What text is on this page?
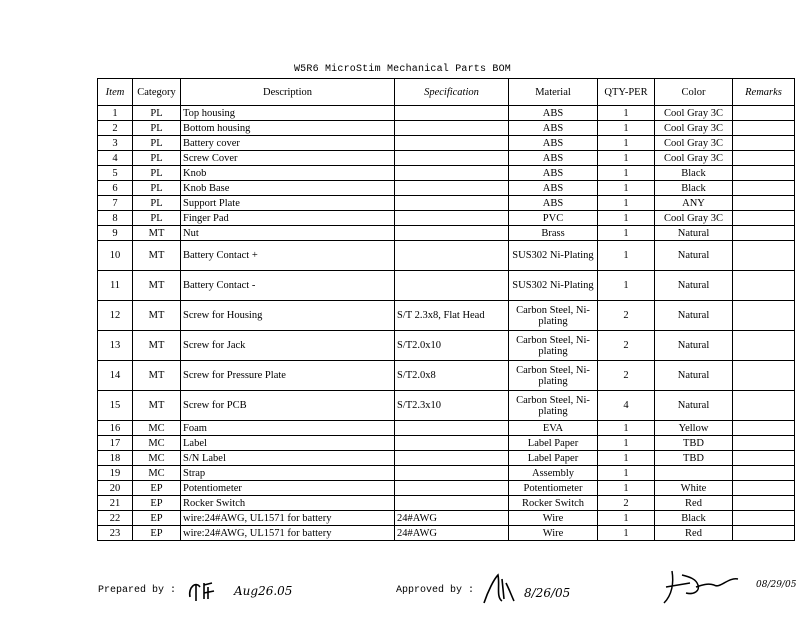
W5R6 MicroStim Mechanical Parts BOM
Item	Category	Description	Specification	Material	QTY-PER	Color	Remarks
1	PL	Top housing		ABS	1	Cool Gray 3C	
2	PL	Bottom housing		ABS	1	Cool Gray 3C	
3	PL	Battery cover		ABS	1	Cool Gray 3C	
4	PL	Screw Cover		ABS	1	Cool Gray 3C	
5	PL	Knob		ABS	1	Black	
6	PL	Knob Base		ABS	1	Black	
7	PL	Support Plate		ABS	1	ANY	
8	PL	Finger Pad		PVC	1	Cool Gray 3C	
9	MT	Nut		Brass	1	Natural	
10	MT	Battery Contact +		SUS302 Ni-Plating	1	Natural	
11	MT	Battery Contact -		SUS302 Ni-Plating	1	Natural	
12	MT	Screw for Housing	S/T 2.3x8, Flat Head	Carbon Steel, Ni-plating	2	Natural	
13	MT	Screw for Jack	S/T2.0x10	Carbon Steel, Ni-plating	2	Natural	
14	MT	Screw for Pressure Plate	S/T2.0x8	Carbon Steel, Ni-plating	2	Natural	
15	MT	Screw for PCB	S/T2.3x10	Carbon Steel, Ni-plating	4	Natural	
16	MC	Foam		EVA	1	Yellow	
17	MC	Label		Label Paper	1	TBD	
18	MC	S/N Label		Label Paper	1	TBD	
19	MC	Strap		Assembly	1		
20	EP	Potentiometer		Potentiometer	1	White	
21	EP	Rocker Switch		Rocker Switch	2	Red	
22	EP	wire:24#AWG, UL1571 for battery	24#AWG	Wire	1	Black	
23	EP	wire:24#AWG, UL1571 for battery	24#AWG	Wire	1	Red	
Prepared by :	Aug26.05	Approved by :	8/26/05
08/29/05
